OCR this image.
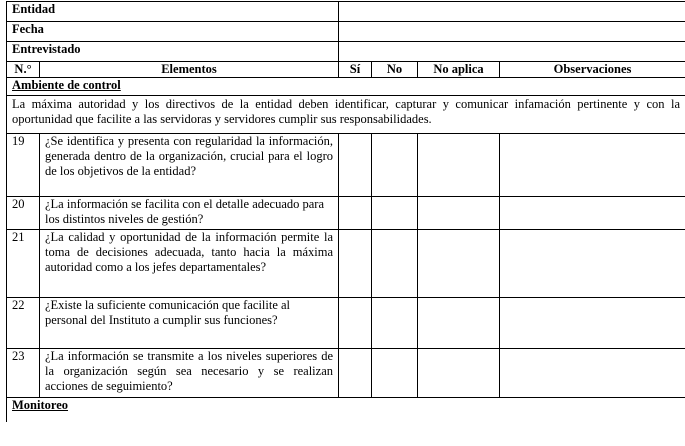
Entidad					
Fecha					
Entrevistado					
N.°	Elementos	Sí	No	No aplica	Observaciones
Ambiente de control					
La máxima autoridad y los directivos de la entidad deben identificar, capturar y comunicar infamación pertinente y con la oportunidad que facilite a las servidoras y servidores cumplir sus responsabilidades.					
19	¿Se identifica y presenta con regularidad la información, generada dentro de la organización, crucial para el logro de los objetivos de la entidad?				
20	¿La información se facilita con el detalle adecuado para los distintos niveles de gestión?				
21	¿La calidad y oportunidad de la información permite la toma de decisiones adecuada, tanto hacia la máxima autoridad como a los jefes departamentales?				
22	¿Existe la suficiente comunicación que facilite al personal del Instituto a cumplir sus funciones?				
23	¿La información se transmite a los niveles superiores de la organización según sea necesario y se realizan acciones de seguimiento?				
Monitoreo					
